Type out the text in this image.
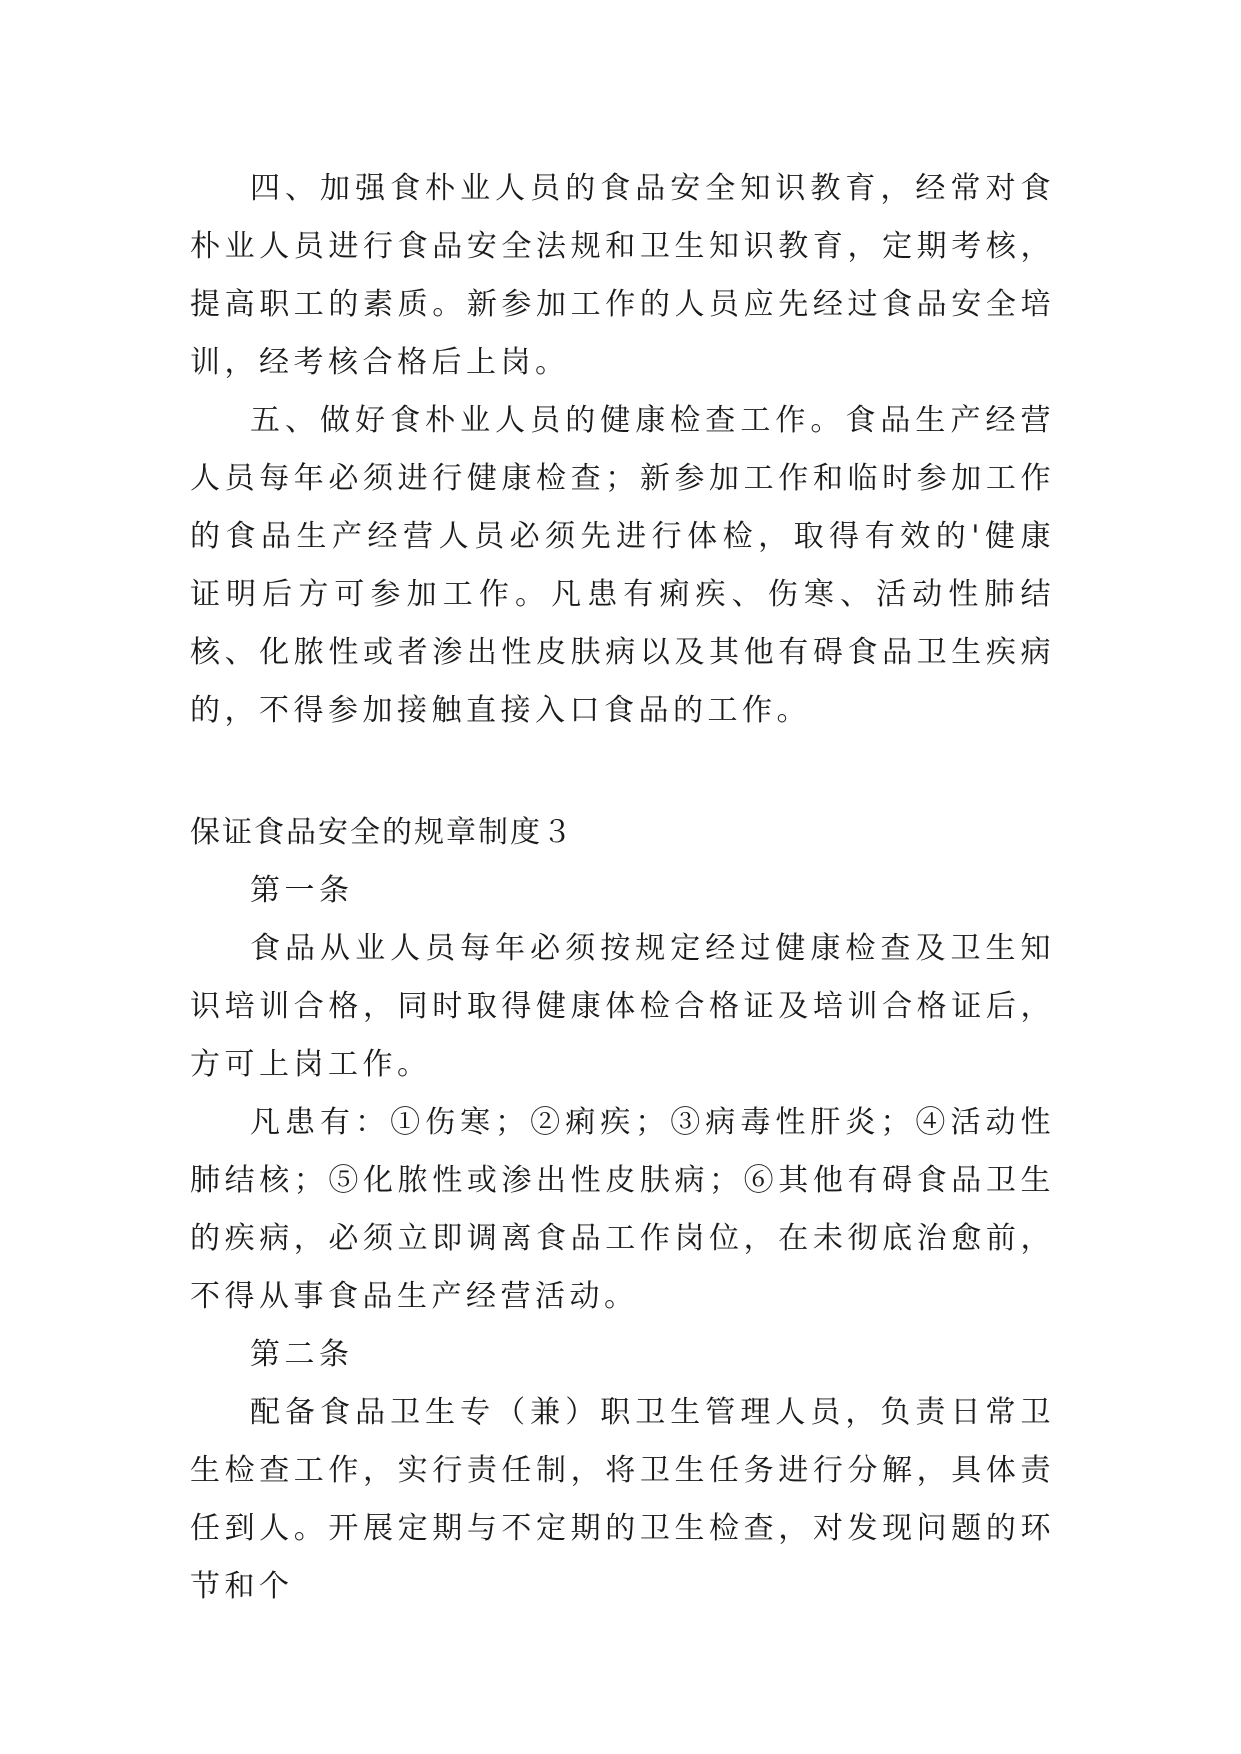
四、加强食朴业人员的食品安全知识教育，经常对食朴业人员进行食品安全法规和卫生知识教育，定期考核，提高职工的素质。新参加工作的人员应先经过食品安全培训，经考核合格后上岗。

五、做好食朴业人员的健康检查工作。食品生产经营人员每年必须进行健康检查；新参加工作和临时参加工作的食品生产经营人员必须先进行体检，取得有效的'健康证明后方可参加工作。凡患有痢疾、伤寒、活动性肺结核、化脓性或者渗出性皮肤病以及其他有碍食品卫生疾病的，不得参加接触直接入口食品的工作。

保证食品安全的规章制度３

第一条

食品从业人员每年必须按规定经过健康检查及卫生知识培训合格，同时取得健康体检合格证及培训合格证后，方可上岗工作。

凡患有：①伤寒；②痢疾；③病毒性肝炎；④活动性肺结核；⑤化脓性或渗出性皮肤病；⑥其他有碍食品卫生的疾病，必须立即调离食品工作岗位，在未彻底治愈前，不得从事食品生产经营活动。

第二条

配备食品卫生专（兼）职卫生管理人员，负责日常卫生检查工作，实行责任制，将卫生任务进行分解，具体责任到人。开展定期与不定期的卫生检查，对发现问题的环节和个
